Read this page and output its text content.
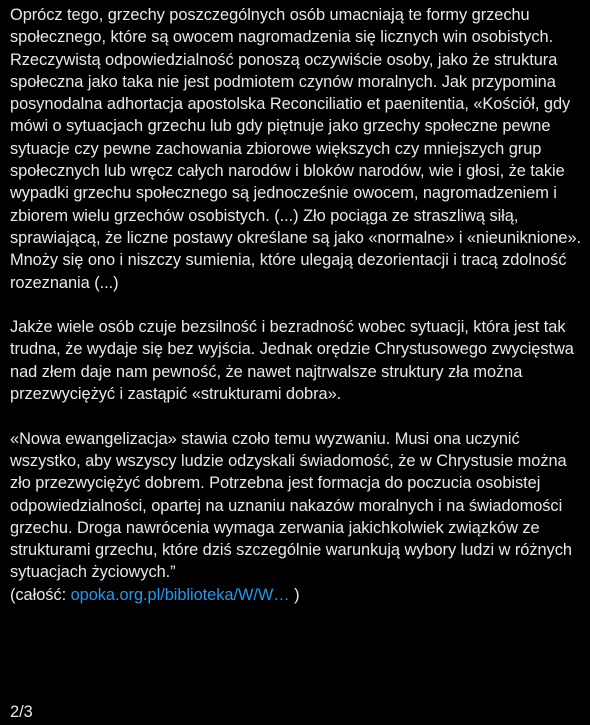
Oprócz tego, grzechy poszczególnych osób umacniają te formy grzechu społecznego, które są owocem nagromadzenia się licznych win osobistych. Rzeczywistą odpowiedzialność ponoszą oczywiście osoby, jako że struktura społeczna jako taka nie jest podmiotem czynów moralnych. Jak przypomina posynodalna adhortacja apostolska Reconciliatio et paenitentia, «Kościół, gdy mówi o sytuacjach grzechu lub gdy piętnuje jako grzechy społeczne pewne sytuacje czy pewne zachowania zbiorowe większych czy mniejszych grup społecznych lub wręcz całych narodów i bloków narodów, wie i głosi, że takie wypadki grzechu społecznego są jednocześnie owocem, nagromadzeniem i zbiorem wielu grzechów osobistych. (...) Zło pociąga ze straszliwą siłą, sprawiającą, że liczne postawy określane są jako «normalne» i «nieuniknione». Mnoży się ono i niszczy sumienia, które ulegają dezorientacji i tracą zdolność rozeznania (...)

Jakże wiele osób czuje bezsilność i bezradność wobec sytuacji, która jest tak trudna, że wydaje się bez wyjścia. Jednak orędzie Chrystusowego zwycięstwa nad złem daje nam pewność, że nawet najtrwalsze struktury zła można przezwyciężyć i zastąpić «strukturami dobra».

«Nowa ewangelizacja» stawia czoło temu wyzwaniu. Musi ona uczynić wszystko, aby wszyscy ludzie odzyskali świadomość, że w Chrystusie można zło przezwyciężyć dobrem. Potrzebna jest formacja do poczucia osobistej odpowiedzialności, opartej na uznaniu nakazów moralnych i na świadomości grzechu. Droga nawrócenia wymaga zerwania jakichkolwiek związków ze strukturami grzechu, które dziś szczególnie warunkują wybory ludzi w różnych sytuacjach życiowych.”
(całość: opoka.org.pl/biblioteka/W/W… )

2/3
